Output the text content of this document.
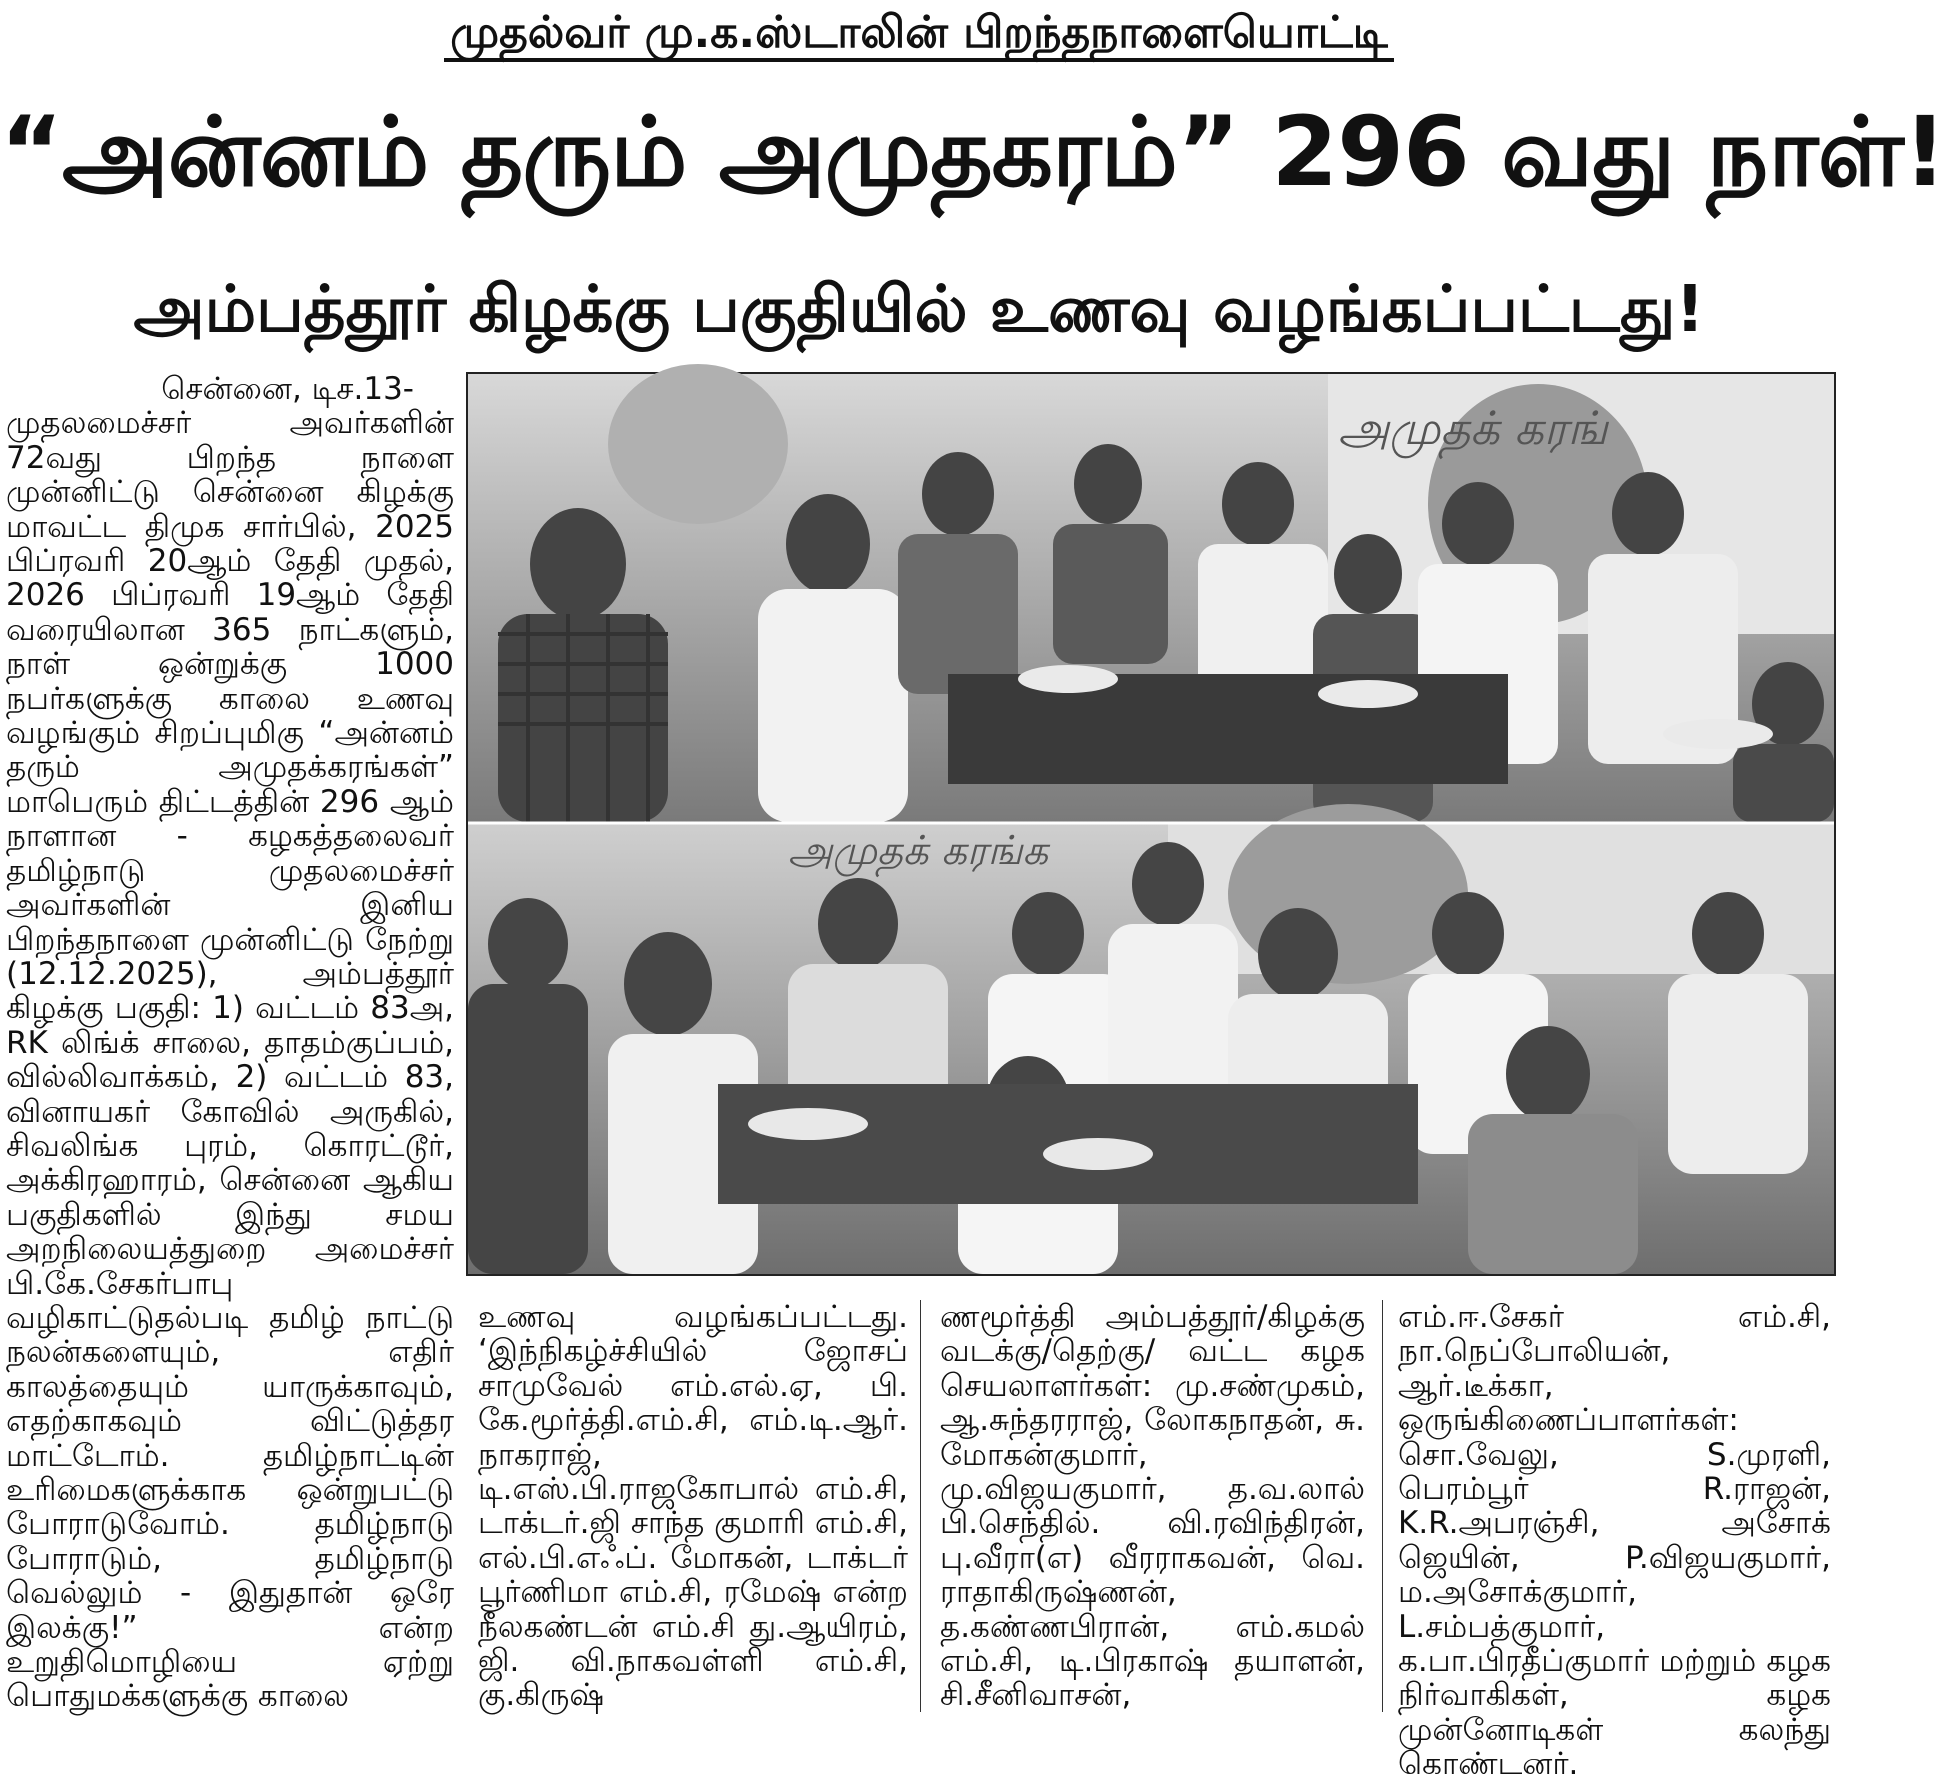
முதல்வர் மு.க.ஸ்டாலின் பிறந்தநாளையொட்டி
“அன்னம் தரும் அமுதகரம்” 296 வது நாள்!
அம்பத்தூர் கிழக்கு பகுதியில் உணவு வழங்கப்பட்டது!

சென்னை, டிச.13-

முதலமைச்சர் அவர்களின் 72வது பிறந்த நாளை முன்னிட்டு சென்னை கிழக்கு மாவட்ட திமுக சார்பில், 2025 பிப்ரவரி 20ஆம் தேதி முதல், 2026 பிப்ரவரி 19ஆம் தேதி வரையிலான 365 நாட்களும், நாள் ஒன்றுக்கு 1000 நபர்களுக்கு காலை உணவு வழங்கும் சிறப்புமிகு “அன்னம் தரும் அமுதக்கரங்கள்” மாபெரும் திட்டத்தின் 296 ஆம் நாளான - கழகத்தலைவர் தமிழ்நாடு முதலமைச்சர் அவர்களின் இனிய பிறந்தநாளை முன்னிட்டு நேற்று (12.12.2025), அம்பத்தூர் கிழக்கு பகுதி: 1) வட்டம் 83அ, RK லிங்க் சாலை, தாதம்குப்பம், வில்லிவாக்கம், 2) வட்டம் 83, வினாயகர் கோவில் அருகில், சிவலிங்க புரம், கொரட்டூர், அக்கிரஹாரம், சென்னை ஆகிய பகுதிகளில் இந்து சமய அறநிலையத்துறை அமைச்சர் பி.கே.சேகர்பாபு வழிகாட்டுதல்படி தமிழ் நாட்டு நலன்களையும், எதிர் காலத்தையும் யாருக்காவும், எதற்காகவும் விட்டுத்தர மாட்டோம். தமிழ்நாட்டின் உரிமைகளுக்காக ஒன்றுபட்டு போராடுவோம். தமிழ்நாடு போராடும், தமிழ்நாடு வெல்லும் - இதுதான் ஒரே இலக்கு!” என்ற உறுதிமொழியை ஏற்று பொதுமக்களுக்கு காலை

அமுதக் கரங்
அமுதக் கரங்க

உணவு வழங்கப்பட்டது. ‘இந்நிகழ்ச்சியில் ஜோசப் சாமுவேல் எம்.எல்.ஏ, பி. கே.மூர்த்தி.எம்.சி, எம்.டி.ஆர். நாகராஜ், டி.எஸ்.பி.ராஜகோபால் எம்.சி, டாக்டர்.ஜி சாந்த குமாரி எம்.சி, எல்.பி.எஃப். மோகன், டாக்டர் பூர்ணிமா எம்.சி, ரமேஷ் என்ற நீலகண்டன் எம்.சி து.ஆயிரம், ஜி. வி.நாகவள்ளி எம்.சி, கு.கிருஷ்

ணமூர்த்தி அம்பத்தூர்/கிழக்கு வடக்கு/தெற்கு/ வட்ட கழக செயலாளர்கள்: மு.சண்முகம், ஆ.சுந்தரராஜ், லோகநாதன், சு. மோகன்குமார், மு.விஜயகுமார், த.வ.லால் பி.செந்தில். வி.ரவிந்திரன், பு.வீரா(எ) வீரராகவன், வெ. ராதாகிருஷ்ணன், த.கண்ணபிரான், எம்.கமல் எம்.சி, டி.பிரகாஷ் தயாளன், சி.சீனிவாசன்,

எம்.ஈ.சேகர் எம்.சி, நா.நெப்போலியன், ஆர்.டீக்கா, ஒருங்கிணைப்பாளர்கள்: சொ.வேலு, S.முரளி, பெரம்பூர் R.ராஜன், K.R.அபரஞ்சி, அசோக் ஜெயின், P.விஜயகுமார், ம.அசோக்குமார், L.சம்பத்குமார், க.பா.பிரதீப்குமார் மற்றும் கழக நிர்வாகிகள், கழக முன்னோடிகள் கலந்து கொண்டனர்.
